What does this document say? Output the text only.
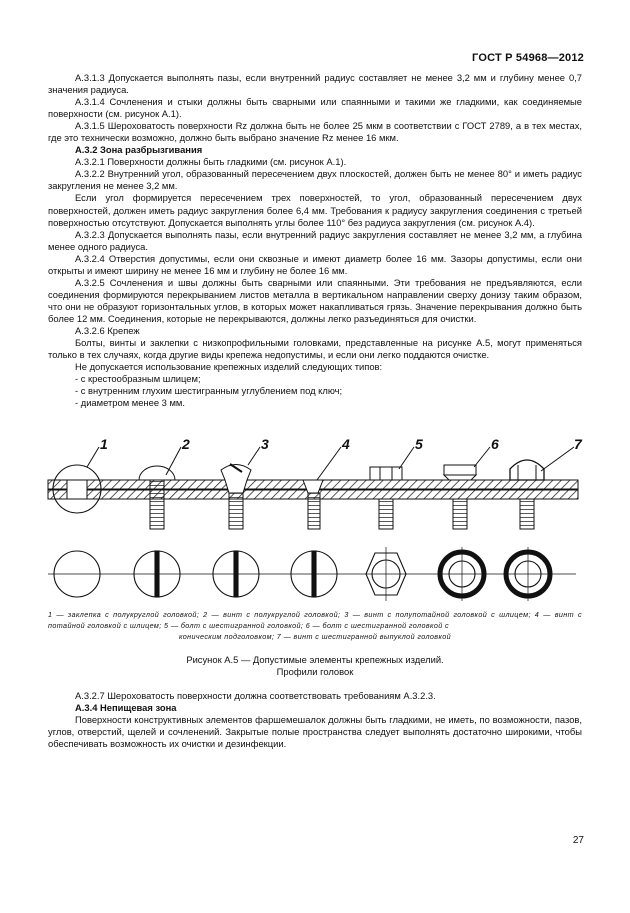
ГОСТ Р 54968—2012

А.3.1.3 Допускается выполнять пазы, если внутренний радиус составляет не менее 3,2 мм и глубину менее 0,7 значения радиуса.

А.3.1.4 Сочленения и стыки должны быть сварными или спаянными и такими же гладкими, как соединяемые поверхности (см. рисунок А.1).

А.3.1.5 Шероховатость поверхности Rz должна быть не более 25 мкм в соответствии с ГОСТ 2789, а в тех местах, где это технически возможно, должно быть выбрано значение Rz менее 16 мкм.

А.3.2 Зона разбрызгивания

А.3.2.1 Поверхности должны быть гладкими (см. рисунок А.1).

А.3.2.2 Внутренний угол, образованный пересечением двух плоскостей, должен быть не менее 80° и иметь радиус закругления не менее 3,2 мм.

Если угол формируется пересечением трех поверхностей, то угол, образованный пересечением двух поверхностей, должен иметь радиус закругления более 6,4 мм. Требования к радиусу закругления соединения с третьей поверхностью отсутствуют. Допускается выполнять углы более 110° без радиуса закругления (см. рисунок А.4).

А.3.2.3 Допускается выполнять пазы, если внутренний радиус закругления составляет не менее 3,2 мм, а глубина менее одного радиуса.

А.3.2.4 Отверстия допустимы, если они сквозные и имеют диаметр более 16 мм. Зазоры допустимы, если они открыты и имеют ширину не менее 16 мм и глубину не более 16 мм.

А.3.2.5 Сочленения и швы должны быть сварными или спаянными. Эти требования не предъявляются, если соединения формируются перекрыванием листов металла в вертикальном направлении сверху донизу таким образом, что они не образуют горизонтальных углов, в которых может накапливаться грязь. Значение перекрывания должно быть более 12 мм. Соединения, которые не перекрываются, должны легко разъединяться для очистки.

А.3.2.6 Крепеж

Болты, винты и заклепки с низкопрофильными головками, представленные на рисунке А.5, могут применяться только в тех случаях, когда другие виды крепежа недопустимы, и если они легко поддаются очистке.

Не допускается использование крепежных изделий следующих типов:

- с крестообразным шлицем;

- с внутренним глухим шестигранным углублением под ключ;

- диаметром менее 3 мм.

1	2	3	4	5	6	7
1 — заклепка с полукруглой головкой; 2 — винт с полукруглой головкой; 3 — винт с полупотайной головкой с шлицем; 4 — винт с потайной головкой с шлицем; 5 — болт с шестигранной головкой; 6 — болт с шестигранной головкой с
коническим подголовком; 7 — винт с шестигранной выпуклой головкой
Рисунок А.5 — Допустимые элементы крепежных изделий.
Профили головок

А.3.2.7 Шероховатость поверхности должна соответствовать требованиям А.3.2.3.

А.3.4 Непищевая зона

Поверхности конструктивных элементов фаршемешалок должны быть гладкими, не иметь, по возможности, пазов, углов, отверстий, щелей и сочленений. Закрытые полые пространства следует выполнять достаточно широкими, чтобы обеспечивать возможность их очистки и дезинфекции.

27
